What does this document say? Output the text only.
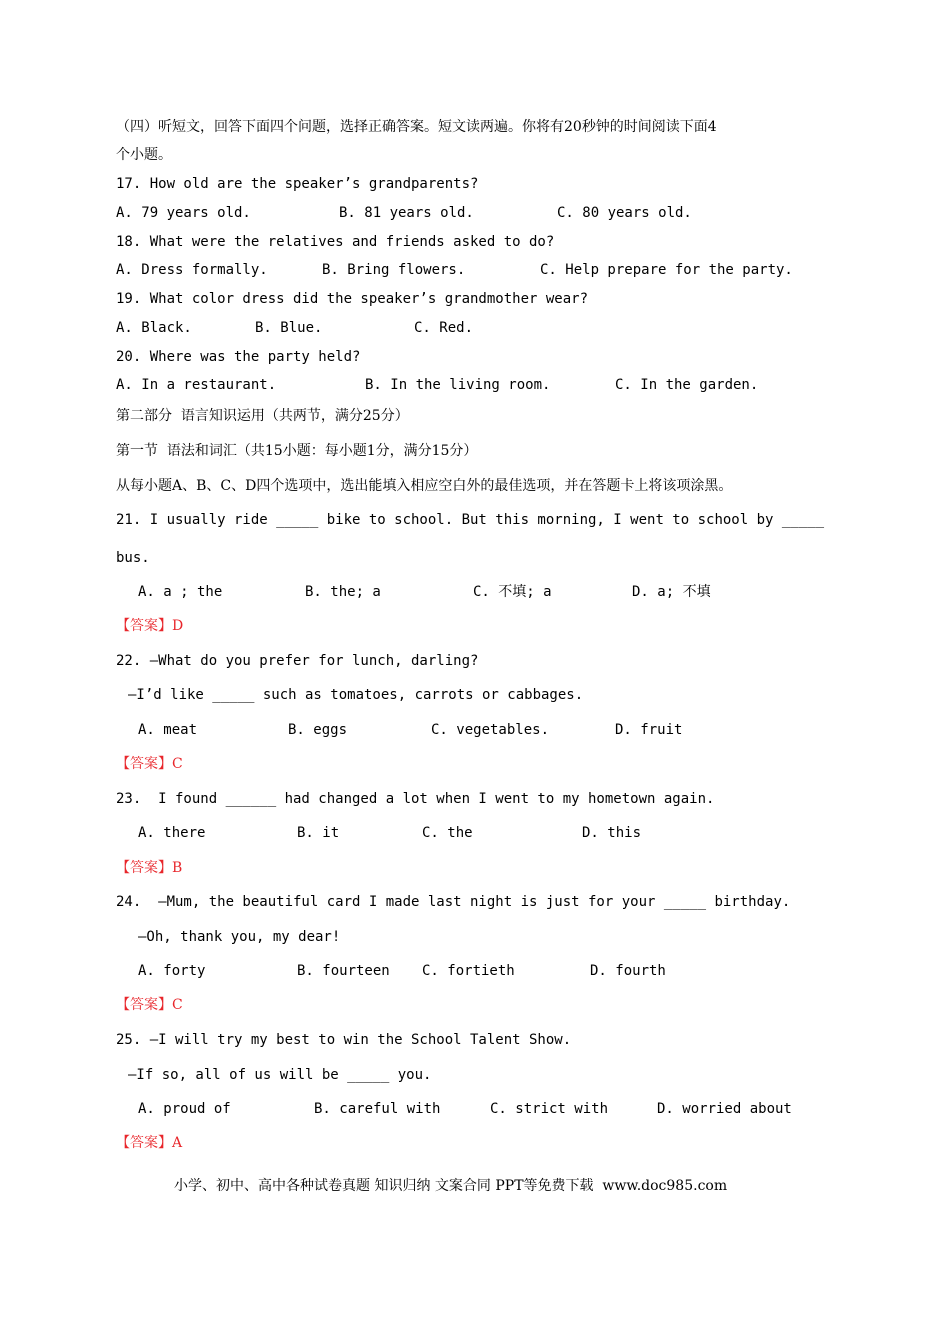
（四）听短文，回答下面四个问题，选择正确答案。短文读两遍。你将有20秒钟的时间阅读下面4
个小题。
17. How old are the speaker’s grandparents?
A. 79 years old.	B. 81 years old.	C. 80 years old.
18. What were the relatives and friends asked to do?
A. Dress formally.	B. Bring flowers.	C. Help prepare for the party.
19. What color dress did the speaker’s grandmother wear?
A. Black.	B. Blue.	C. Red.
20. Where was the party held?
A. In a restaurant.	B. In the living room.	C. In the garden.
第二部分  语言知识运用（共两节，满分25分）
第一节  语法和词汇（共15小题：每小题1分，满分15分）
从每小题A、B、C、D四个选项中，选出能填入相应空白外的最佳选项，并在答题卡上将该项涂黑。
21. I usually ride _____ bike to school. But this morning, I went to school by _____
bus.
A. a ; the	B. the; a	C. 不填; a	D. a; 不填
【答案】D
22. —What do you prefer for lunch, darling?
—I’d like _____ such as tomatoes, carrots or cabbages.
A. meat	B. eggs	C. vegetables.	D. fruit
【答案】C
23.  I found ______ had changed a lot when I went to my hometown again.
A. there	B. it	C. the	D. this
【答案】B
24.  —Mum, the beautiful card I made last night is just for your _____ birthday.
—Oh, thank you, my dear!
A. forty	B. fourteen C. fortieth	D. fourth
【答案】C
25. —I will try my best to win the School Talent Show.
—If so, all of us will be _____ you.
A. proud of	B. careful with	C. strict with	D. worried about
【答案】A
小学、初中、高中各种试卷真题 知识归纳 文案合同 PPT等免费下载  www.doc985.com
